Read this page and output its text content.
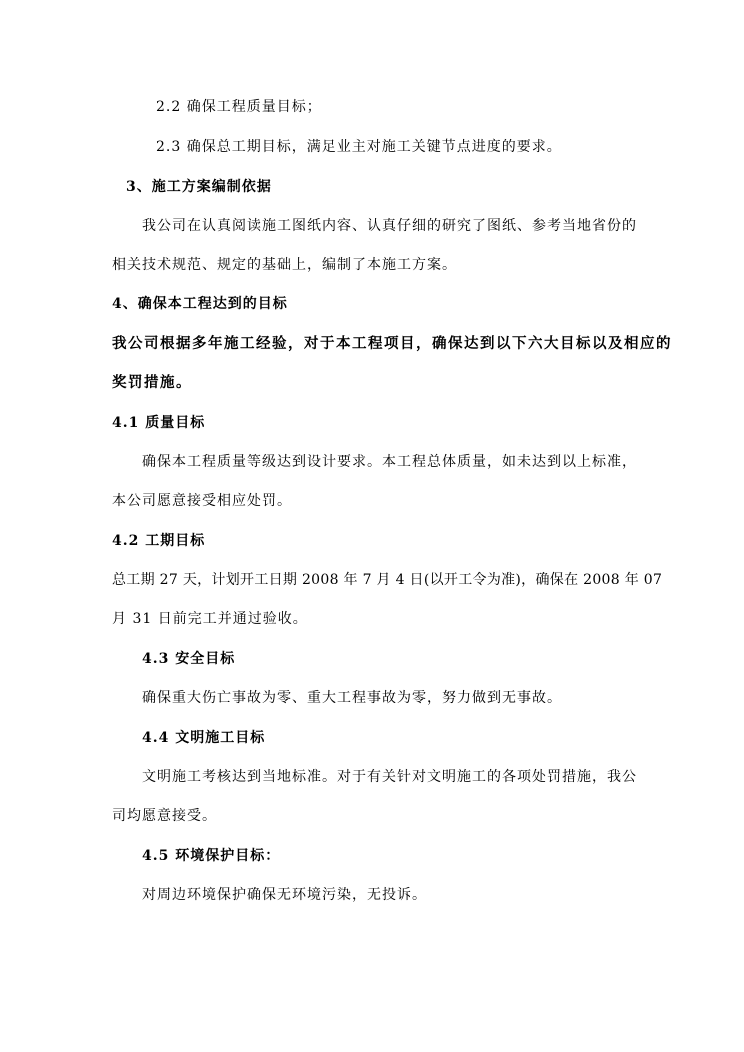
2.2 确保工程质量目标；
2.3 确保总工期目标，满足业主对施工关键节点进度的要求。
3、施工方案编制依据
我公司在认真阅读施工图纸内容、认真仔细的研究了图纸、参考当地省份的
相关技术规范、规定的基础上，编制了本施工方案。
4、确保本工程达到的目标
我公司根据多年施工经验，对于本工程项目，确保达到以下六大目标以及相应的
奖罚措施。
4.1 质量目标
确保本工程质量等级达到设计要求。本工程总体质量，如未达到以上标准，
本公司愿意接受相应处罚。
4.2 工期目标
总工期 27 天，计划开工日期 2008 年 7 月 4 日(以开工令为准)，确保在 2008 年 07
月 31 日前完工并通过验收。
4.3 安全目标
确保重大伤亡事故为零、重大工程事故为零，努力做到无事故。
4.4 文明施工目标
文明施工考核达到当地标准。对于有关针对文明施工的各项处罚措施，我公
司均愿意接受。
4.5 环境保护目标：
对周边环境保护确保无环境污染，无投诉。
